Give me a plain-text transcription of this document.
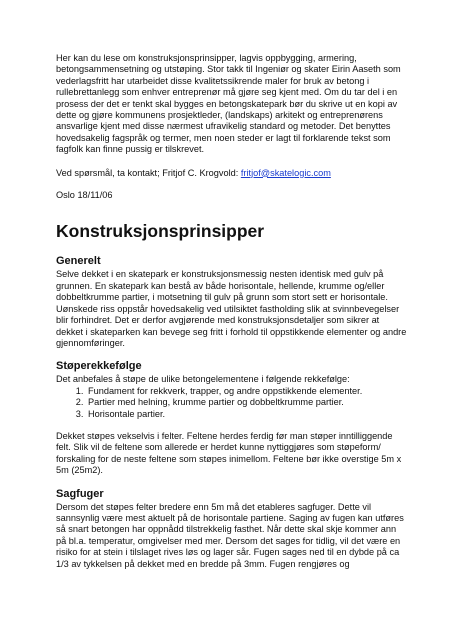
Her kan du lese om konstruksjonsprinsipper, lagvis oppbygging, armering, betongsammensetning og utstøping. Stor takk til Ingeniør og skater Eirin Aaseth som vederlagsfritt har utarbeidet disse kvalitetssikrende maler for bruk av betong i rullebrettanlegg som enhver entreprenør må gjøre seg kjent med. Om du tar del i en prosess der det er tenkt skal bygges en betongskatepark bør du skrive ut en kopi av dette og gjøre kommunens prosjektleder, (landskaps) arkitekt og entreprenørens ansvarlige kjent med disse nærmest ufravikelig standard og metoder. Det benyttes hovedsakelig fagspråk og termer, men noen steder er lagt til forklarende tekst som fagfolk kan finne pussig er tilskrevet.

Ved spørsmål, ta kontakt; Fritjof C. Krogvold: fritjof@skatelogic.com

Oslo 18/11/06

Konstruksjonsprinsipper
Generelt

Selve dekket i en skatepark er konstruksjonsmessig nesten identisk med gulv på grunnen. En skatepark kan bestå av både horisontale, hellende, krumme og/eller dobbeltkrumme partier, i motsetning til gulv på grunn som stort sett er horisontale. Uønskede riss oppstår hovedsakelig ved utilsiktet fastholding slik at svinnbevegelser blir forhindret. Det er derfor avgjørende med konstruksjonsdetaljer som sikrer at dekket i skateparken kan bevege seg fritt i forhold til oppstikkende elementer og andre gjennomføringer.

Støperekkefølge

Det anbefales å støpe de ulike betongelementene i følgende rekkefølge:

1. Fundament for rekkverk, trapper, og andre oppstikkende elementer.
2. Partier med helning, krumme partier og dobbeltkrumme partier.
3. Horisontale partier.

Dekket støpes vekselvis i felter. Feltene herdes ferdig før man støper inntilliggende felt. Slik vil de feltene som allerede er herdet kunne nyttiggjøres som støpeform/ forskaling for de neste feltene som støpes inimellom. Feltene bør ikke overstige 5m x 5m (25m2).

Sagfuger

Dersom det støpes felter bredere enn 5m må det etableres sagfuger. Dette vil sannsynlig være mest aktuelt på de horisontale partiene. Saging av fugen kan utføres så snart betongen har oppnådd tilstrekkelig fasthet. Når dette skal skje kommer ann på bl.a. temperatur, omgivelser med mer. Dersom det sages for tidlig, vil det være en risiko for at stein i tilslaget rives løs og lager sår. Fugen sages ned til en dybde på ca 1/3 av tykkelsen på dekket med en bredde på 3mm. Fugen rengjøres og
